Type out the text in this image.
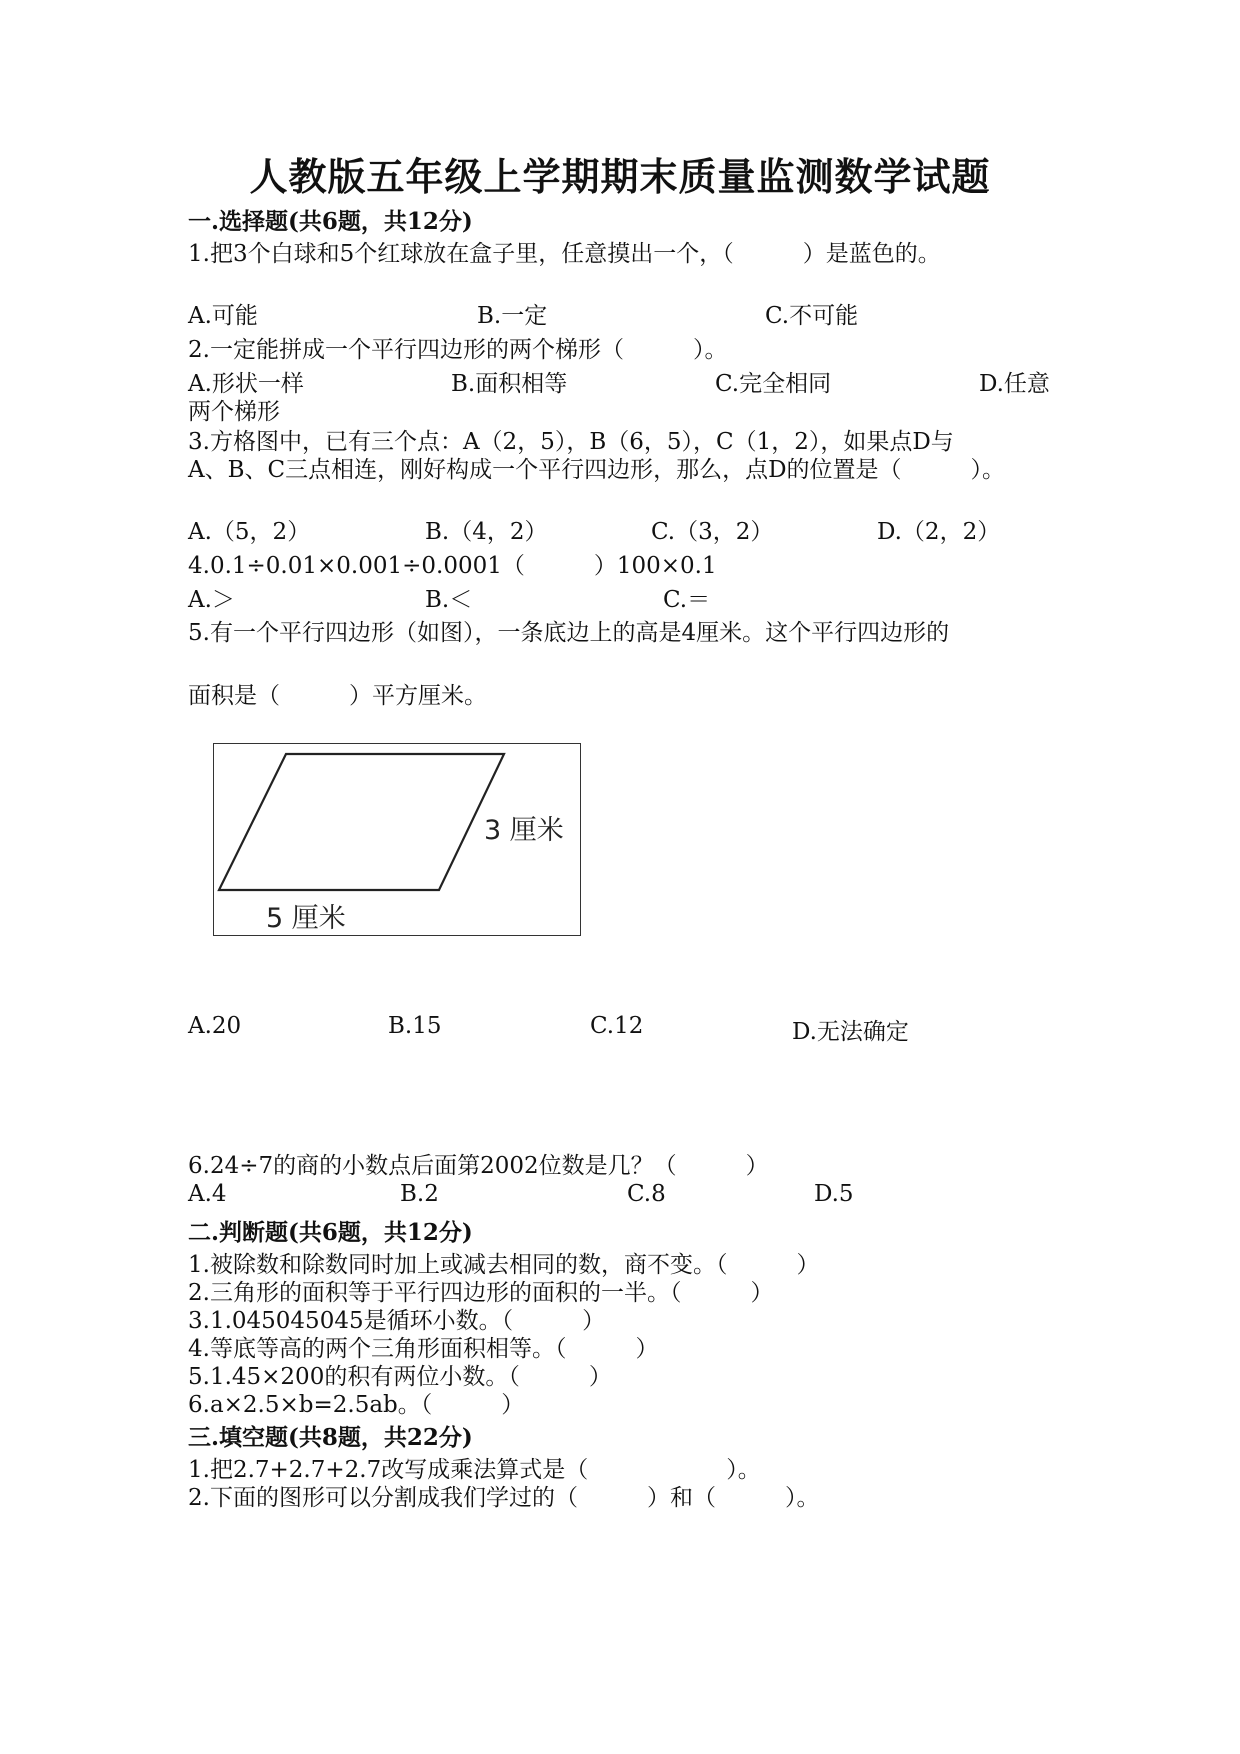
人教版五年级上学期期末质量监测数学试题
一.选择题(共6题，共12分)
1.把3个白球和5个红球放在盒子里，任意摸出一个，（　　　）是蓝色的。
A.可能	B.一定	C.不可能
2.一定能拼成一个平行四边形的两个梯形（　　　）。
A.形状一样	B.面积相等	C.完全相同	D.任意
两个梯形
3.方格图中，已有三个点：A（2，5），B（6，5），C（1，2），如果点D与
A、B、C三点相连，刚好构成一个平行四边形，那么，点D的位置是（　　　）。
A.（5，2）	B.（4，2）	C.（3，2）	D.（2，2）
4.0.1÷0.01×0.001÷0.0001（　　　）100×0.1
A.＞	B.＜	C.＝
5.有一个平行四边形（如图），一条底边上的高是4厘米。这个平行四边形的
面积是（　　　）平方厘米。
3 厘米
5 厘米
A.20	B.15	C.12	D.无法确定
6.24÷7的商的小数点后面第2002位数是几？（　　　）
A.4	B.2	C.8	D.5
二.判断题(共6题，共12分)
1.被除数和除数同时加上或减去相同的数，商不变。（　　　）
2.三角形的面积等于平行四边形的面积的一半。（　　　）
3.1.045045045是循环小数。（　　　）
4.等底等高的两个三角形面积相等。（　　　）
5.1.45×200的积有两位小数。（　　　）
6.a×2.5×b=2.5ab。（　　　）
三.填空题(共8题，共22分)
1.把2.7+2.7+2.7改写成乘法算式是（　　　　　　）。
2.下面的图形可以分割成我们学过的（　　　）和（　　　）。
